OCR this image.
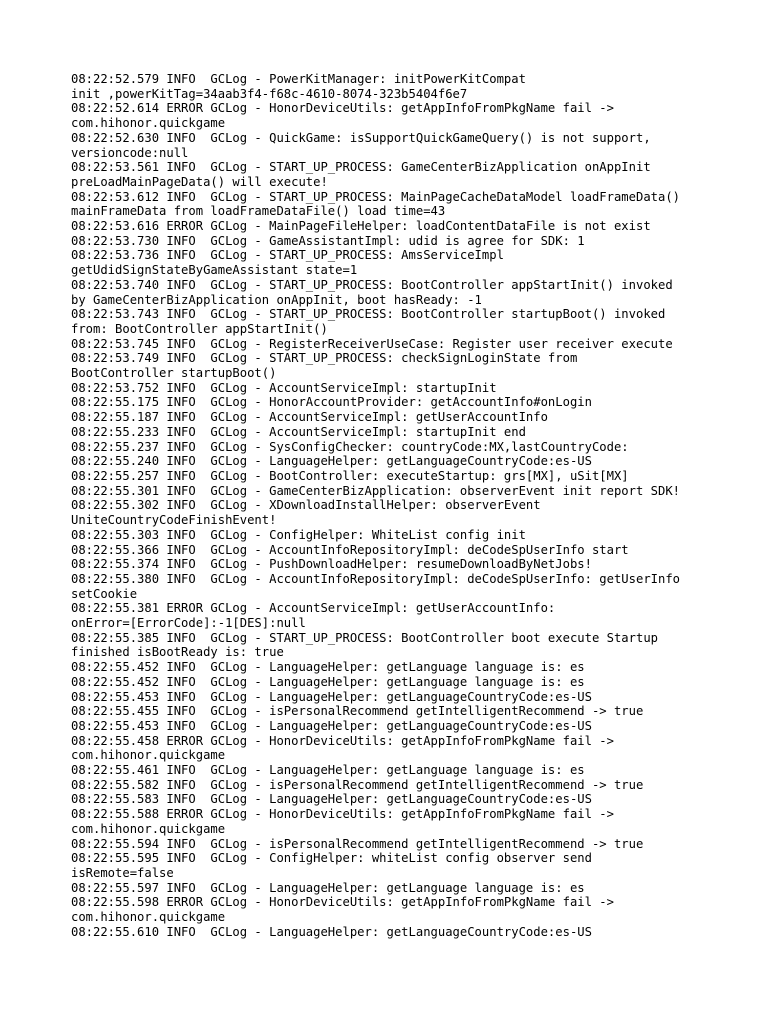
08:22:52.579 INFO  GCLog - PowerKitManager: initPowerKitCompat
init ,powerKitTag=34aab3f4-f68c-4610-8074-323b5404f6e7
08:22:52.614 ERROR GCLog - HonorDeviceUtils: getAppInfoFromPkgName fail ->
com.hihonor.quickgame
08:22:52.630 INFO  GCLog - QuickGame: isSupportQuickGameQuery() is not support,
versioncode:null
08:22:53.561 INFO  GCLog - START_UP_PROCESS: GameCenterBizApplication onAppInit
preLoadMainPageData() will execute!
08:22:53.612 INFO  GCLog - START_UP_PROCESS: MainPageCacheDataModel loadFrameData()
mainFrameData from loadFrameDataFile() load time=43
08:22:53.616 ERROR GCLog - MainPageFileHelper: loadContentDataFile is not exist
08:22:53.730 INFO  GCLog - GameAssistantImpl: udid is agree for SDK: 1
08:22:53.736 INFO  GCLog - START_UP_PROCESS: AmsServiceImpl
getUdidSignStateByGameAssistant state=1
08:22:53.740 INFO  GCLog - START_UP_PROCESS: BootController appStartInit() invoked
by GameCenterBizApplication onAppInit, boot hasReady: -1
08:22:53.743 INFO  GCLog - START_UP_PROCESS: BootController startupBoot() invoked
from: BootController appStartInit()
08:22:53.745 INFO  GCLog - RegisterReceiverUseCase: Register user receiver execute
08:22:53.749 INFO  GCLog - START_UP_PROCESS: checkSignLoginState from
BootController startupBoot()
08:22:53.752 INFO  GCLog - AccountServiceImpl: startupInit
08:22:55.175 INFO  GCLog - HonorAccountProvider: getAccountInfo#onLogin
08:22:55.187 INFO  GCLog - AccountServiceImpl: getUserAccountInfo
08:22:55.233 INFO  GCLog - AccountServiceImpl: startupInit end
08:22:55.237 INFO  GCLog - SysConfigChecker: countryCode:MX,lastCountryCode:
08:22:55.240 INFO  GCLog - LanguageHelper: getLanguageCountryCode:es-US
08:22:55.257 INFO  GCLog - BootController: executeStartup: grs[MX], uSit[MX]
08:22:55.301 INFO  GCLog - GameCenterBizApplication: observerEvent init report SDK!
08:22:55.302 INFO  GCLog - XDownloadInstallHelper: observerEvent
UniteCountryCodeFinishEvent!
08:22:55.303 INFO  GCLog - ConfigHelper: WhiteList config init
08:22:55.366 INFO  GCLog - AccountInfoRepositoryImpl: deCodeSpUserInfo start
08:22:55.374 INFO  GCLog - PushDownloadHelper: resumeDownloadByNetJobs!
08:22:55.380 INFO  GCLog - AccountInfoRepositoryImpl: deCodeSpUserInfo: getUserInfo
setCookie
08:22:55.381 ERROR GCLog - AccountServiceImpl: getUserAccountInfo:
onError=[ErrorCode]:-1[DES]:null
08:22:55.385 INFO  GCLog - START_UP_PROCESS: BootController boot execute Startup
finished isBootReady is: true
08:22:55.452 INFO  GCLog - LanguageHelper: getLanguage language is: es
08:22:55.452 INFO  GCLog - LanguageHelper: getLanguage language is: es
08:22:55.453 INFO  GCLog - LanguageHelper: getLanguageCountryCode:es-US
08:22:55.455 INFO  GCLog - isPersonalRecommend getIntelligentRecommend -> true
08:22:55.453 INFO  GCLog - LanguageHelper: getLanguageCountryCode:es-US
08:22:55.458 ERROR GCLog - HonorDeviceUtils: getAppInfoFromPkgName fail ->
com.hihonor.quickgame
08:22:55.461 INFO  GCLog - LanguageHelper: getLanguage language is: es
08:22:55.582 INFO  GCLog - isPersonalRecommend getIntelligentRecommend -> true
08:22:55.583 INFO  GCLog - LanguageHelper: getLanguageCountryCode:es-US
08:22:55.588 ERROR GCLog - HonorDeviceUtils: getAppInfoFromPkgName fail ->
com.hihonor.quickgame
08:22:55.594 INFO  GCLog - isPersonalRecommend getIntelligentRecommend -> true
08:22:55.595 INFO  GCLog - ConfigHelper: whiteList config observer send
isRemote=false
08:22:55.597 INFO  GCLog - LanguageHelper: getLanguage language is: es
08:22:55.598 ERROR GCLog - HonorDeviceUtils: getAppInfoFromPkgName fail ->
com.hihonor.quickgame
08:22:55.610 INFO  GCLog - LanguageHelper: getLanguageCountryCode:es-US
